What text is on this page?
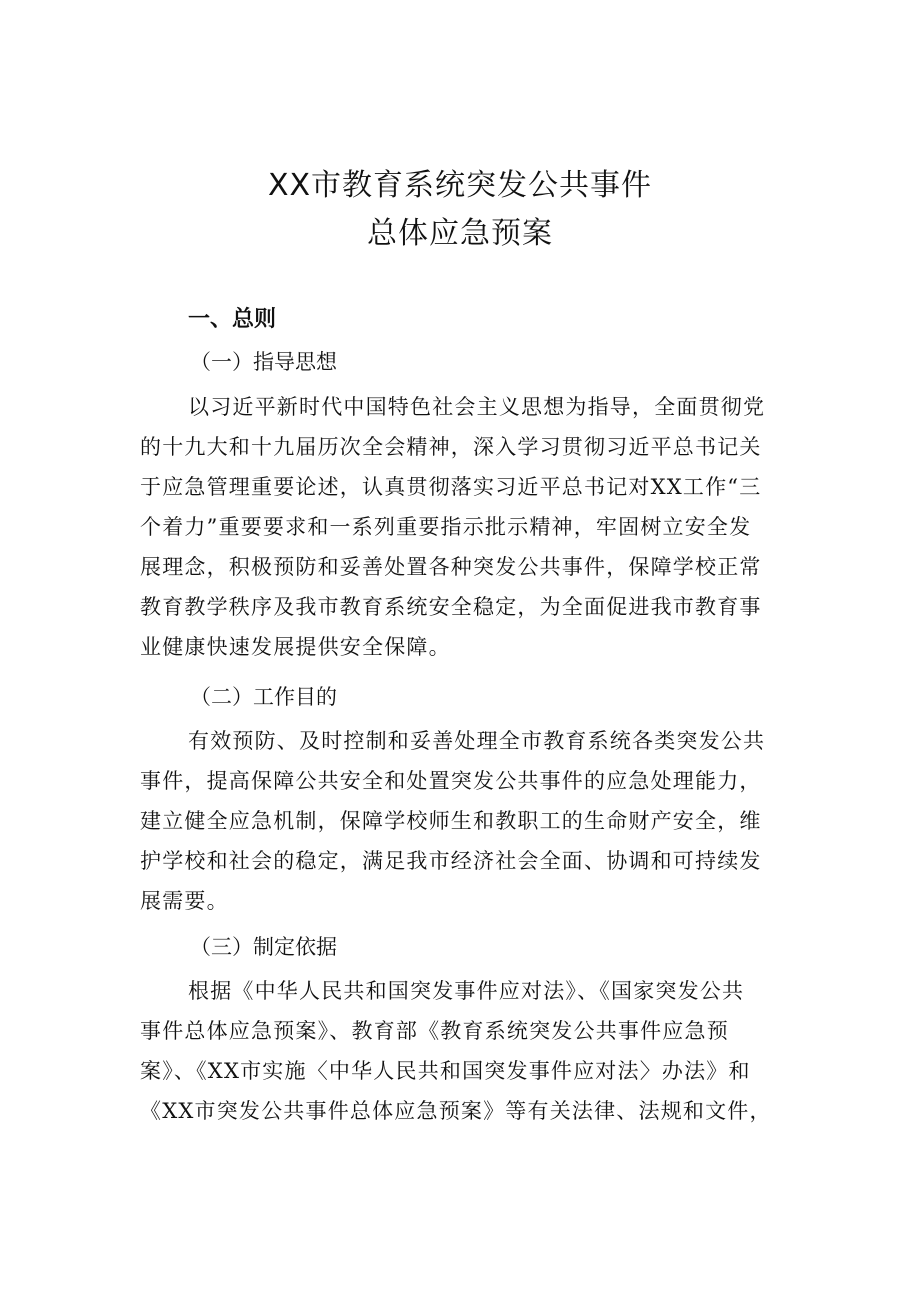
XX市教育系统突发公共事件
总体应急预案
一、总则
（一）指导思想
以习近平新时代中国特色社会主义思想为指导，全面贯彻党
的十九大和十九届历次全会精神，深入学习贯彻习近平总书记关
于应急管理重要论述，认真贯彻落实习近平总书记对XX工作“三
个着力”重要要求和一系列重要指示批示精神，牢固树立安全发
展理念，积极预防和妥善处置各种突发公共事件，保障学校正常
教育教学秩序及我市教育系统安全稳定，为全面促进我市教育事
业健康快速发展提供安全保障。
（二）工作目的
有效预防、及时控制和妥善处理全市教育系统各类突发公共
事件，提高保障公共安全和处置突发公共事件的应急处理能力，
建立健全应急机制，保障学校师生和教职工的生命财产安全，维
护学校和社会的稳定，满足我市经济社会全面、协调和可持续发
展需要。
（三）制定依据
根据《中华人民共和国突发事件应对法》、《国家突发公共
事件总体应急预案》、教育部《教育系统突发公共事件应急预
案》、《XX市实施〈中华人民共和国突发事件应对法〉办法》和
《XX市突发公共事件总体应急预案》等有关法律、法规和文件，
